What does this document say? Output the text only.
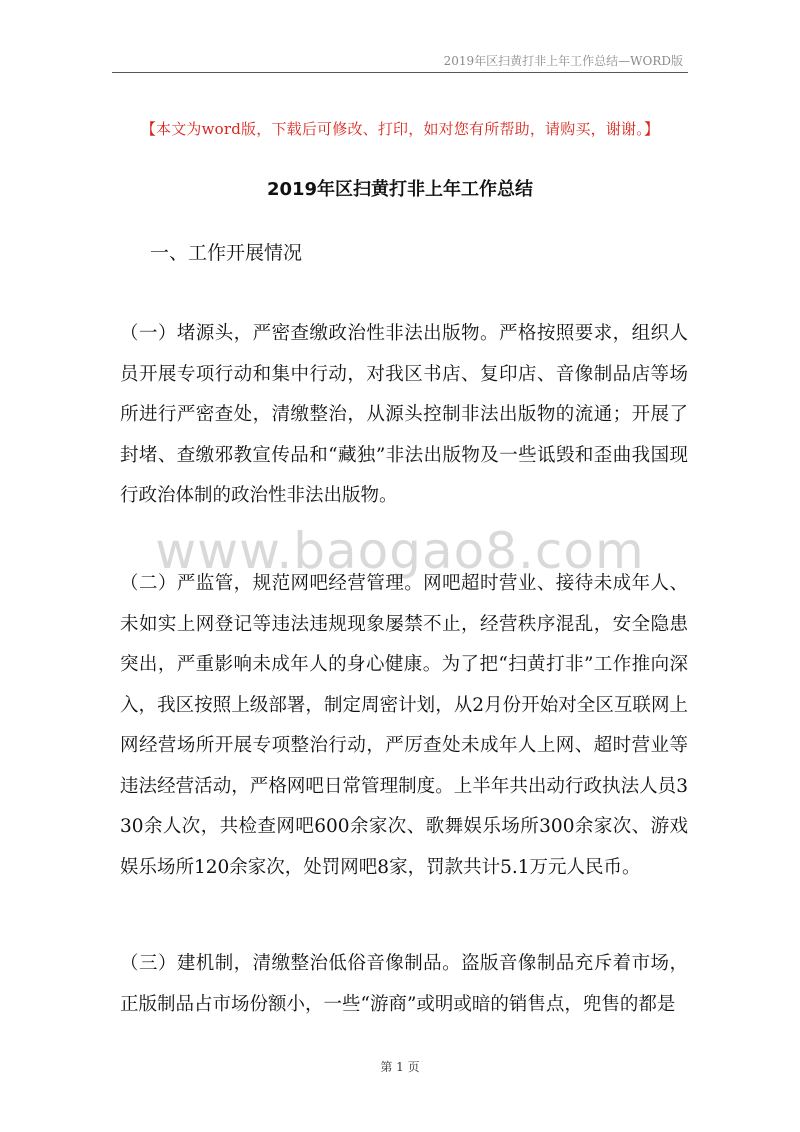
2019年区扫黄打非上年工作总结—WORD版
【本文为word版，下载后可修改、打印，如对您有所帮助，请购买，谢谢。】
2019年区扫黄打非上年工作总结
一、工作开展情况

（一）堵源头，严密查缴政治性非法出版物。严格按照要求，组织人员开展专项行动和集中行动，对我区书店、复印店、音像制品店等场所进行严密查处，清缴整治，从源头控制非法出版物的流通；开展了封堵、查缴邪教宣传品和“藏独”非法出版物及一些诋毁和歪曲我国现行政治体制的政治性非法出版物。

www.baogao8.com

（二）严监管，规范网吧经营管理。网吧超时营业、接待未成年人、未如实上网登记等违法违规现象屡禁不止，经营秩序混乱，安全隐患突出，严重影响未成年人的身心健康。为了把“扫黄打非”工作推向深入，我区按照上级部署，制定周密计划，从2月份开始对全区互联网上网经营场所开展专项整治行动，严厉查处未成年人上网、超时营业等违法经营活动，严格网吧日常管理制度。上半年共出动行政执法人员330余人次，共检查网吧600余家次、歌舞娱乐场所300余家次、游戏娱乐场所120余家次，处罚网吧8家，罚款共计5.1万元人民币。

（三）建机制，清缴整治低俗音像制品。盗版音像制品充斥着市场，正版制品占市场份额小，一些“游商”或明或暗的销售点，兜售的都是

第 1 页
